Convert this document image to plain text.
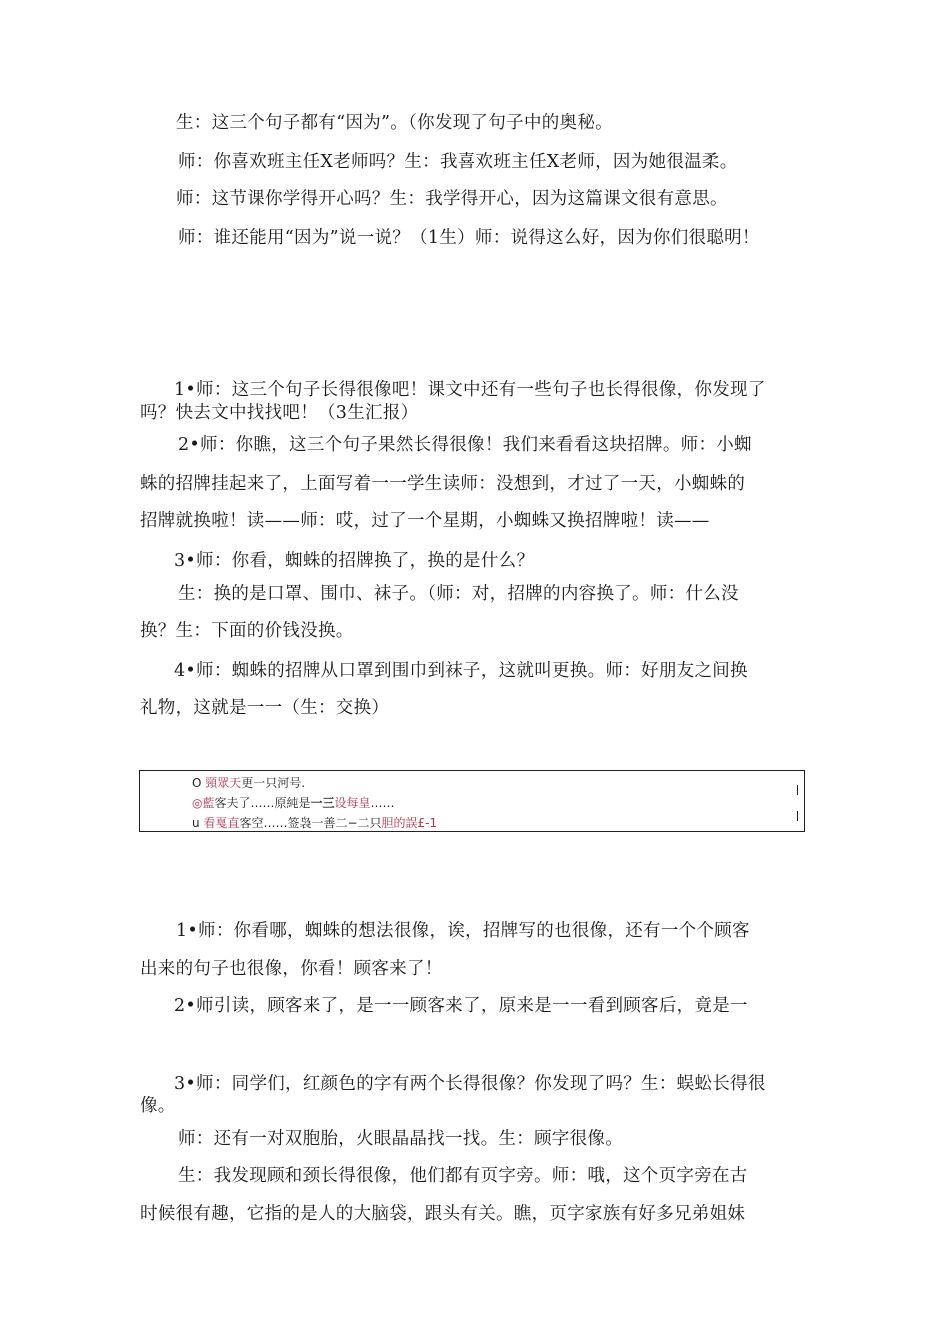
生：这三个句子都有“因为”。（你发现了句子中的奥秘。
师：你喜欢班主任X老师吗？生：我喜欢班主任X老师，因为她很温柔。
师：这节课你学得开心吗？生：我学得开心，因为这篇课文很有意思。
师：谁还能用“因为”说一说？（1生）师：说得这么好，因为你们很聪明！
1•师：这三个句子长得很像吧！课文中还有一些句子也长得很像，你发现了
吗？快去文中找找吧！（3生汇报）
2•师：你瞧，这三个句子果然长得很像！我们来看看这块招牌。师：小蜘
蛛的招牌挂起来了，上面写着一一学生读师：没想到，才过了一天，小蜘蛛的
招牌就换啦！读——师：哎，过了一个星期，小蜘蛛又换招牌啦！读——
3•师：你看，蜘蛛的招牌换了，换的是什么？
生：换的是口罩、围巾、袜子。（师：对，招牌的内容换了。师：什么没
换？生：下面的价钱没换。
4•师：蜘蛛的招牌从口罩到围巾到袜子，这就叫更换。师：好朋友之间换
礼物，这就是一一（生：交换）
O 頸眾天更一只河号.
◎藍客夫了……原純是一三设每皇……
u 看戛直客空……签袅一善二−二只胆的誤£-1
1•师：你看哪，蜘蛛的想法很像，诶，招牌写的也很像，还有一个个顾客
出来的句子也很像，你看！顾客来了！
2•师引读，顾客来了，是一一顾客来了，原来是一一看到顾客后，竟是一
3•师：同学们，红颜色的字有两个长得很像？你发现了吗？生：蜈蚣长得很
像。
师：还有一对双胞胎，火眼晶晶找一找。生：顾字很像。
生：我发现顾和颈长得很像，他们都有页字旁。师：哦，这个页字旁在古
时候很有趣，它指的是人的大脑袋，跟头有关。瞧，页字家族有好多兄弟姐妹
